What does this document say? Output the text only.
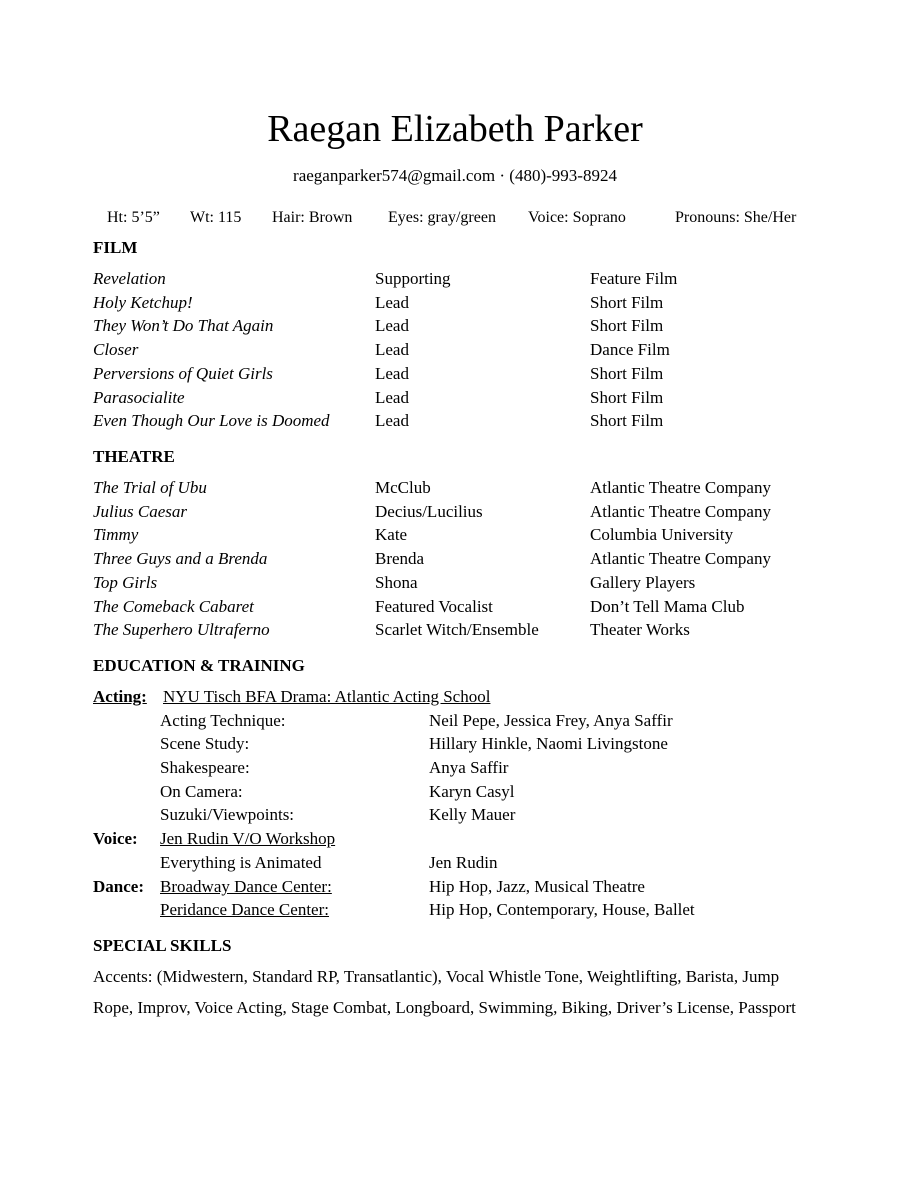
Raegan Elizabeth Parker
raeganparker574@gmail.com · (480)-993-8924
Ht: 5’5” Wt: 115 Hair: Brown Eyes: gray/green Voice: Soprano	Pronouns: She/Her
FILM
Revelation	Supporting	Feature Film
Holy Ketchup!	Lead	Short Film
They Won’t Do That Again	Lead	Short Film
Closer	Lead	Dance Film
Perversions of Quiet Girls	Lead	Short Film
Parasocialite	Lead	Short Film
Even Though Our Love is Doomed	Lead	Short Film
THEATRE
The Trial of Ubu	McClub	Atlantic Theatre Company
Julius Caesar	Decius/Lucilius	Atlantic Theatre Company
Timmy	Kate	Columbia University
Three Guys and a Brenda	Brenda	Atlantic Theatre Company
Top Girls	Shona	Gallery Players
The Comeback Cabaret	Featured Vocalist	Don’t Tell Mama Club
The Superhero Ultraferno	Scarlet Witch/Ensemble	Theater Works
EDUCATION & TRAINING
Acting: NYU Tisch BFA Drama: Atlantic Acting School
Acting Technique:	Neil Pepe, Jessica Frey, Anya Saffir
Scene Study:	Hillary Hinkle, Naomi Livingstone
Shakespeare:	Anya Saffir
On Camera:	Karyn Casyl
Suzuki/Viewpoints:	Kelly Mauer
Voice: Jen Rudin V/O Workshop
Everything is Animated	Jen Rudin
Dance: Broadway Dance Center:	Hip Hop, Jazz, Musical Theatre
Peridance Dance Center:	Hip Hop, Contemporary, House, Ballet
SPECIAL SKILLS
Accents: (Midwestern, Standard RP, Transatlantic), Vocal Whistle Tone, Weightlifting, Barista, Jump Rope, Improv, Voice Acting, Stage Combat, Longboard, Swimming, Biking, Driver’s License, Passport
